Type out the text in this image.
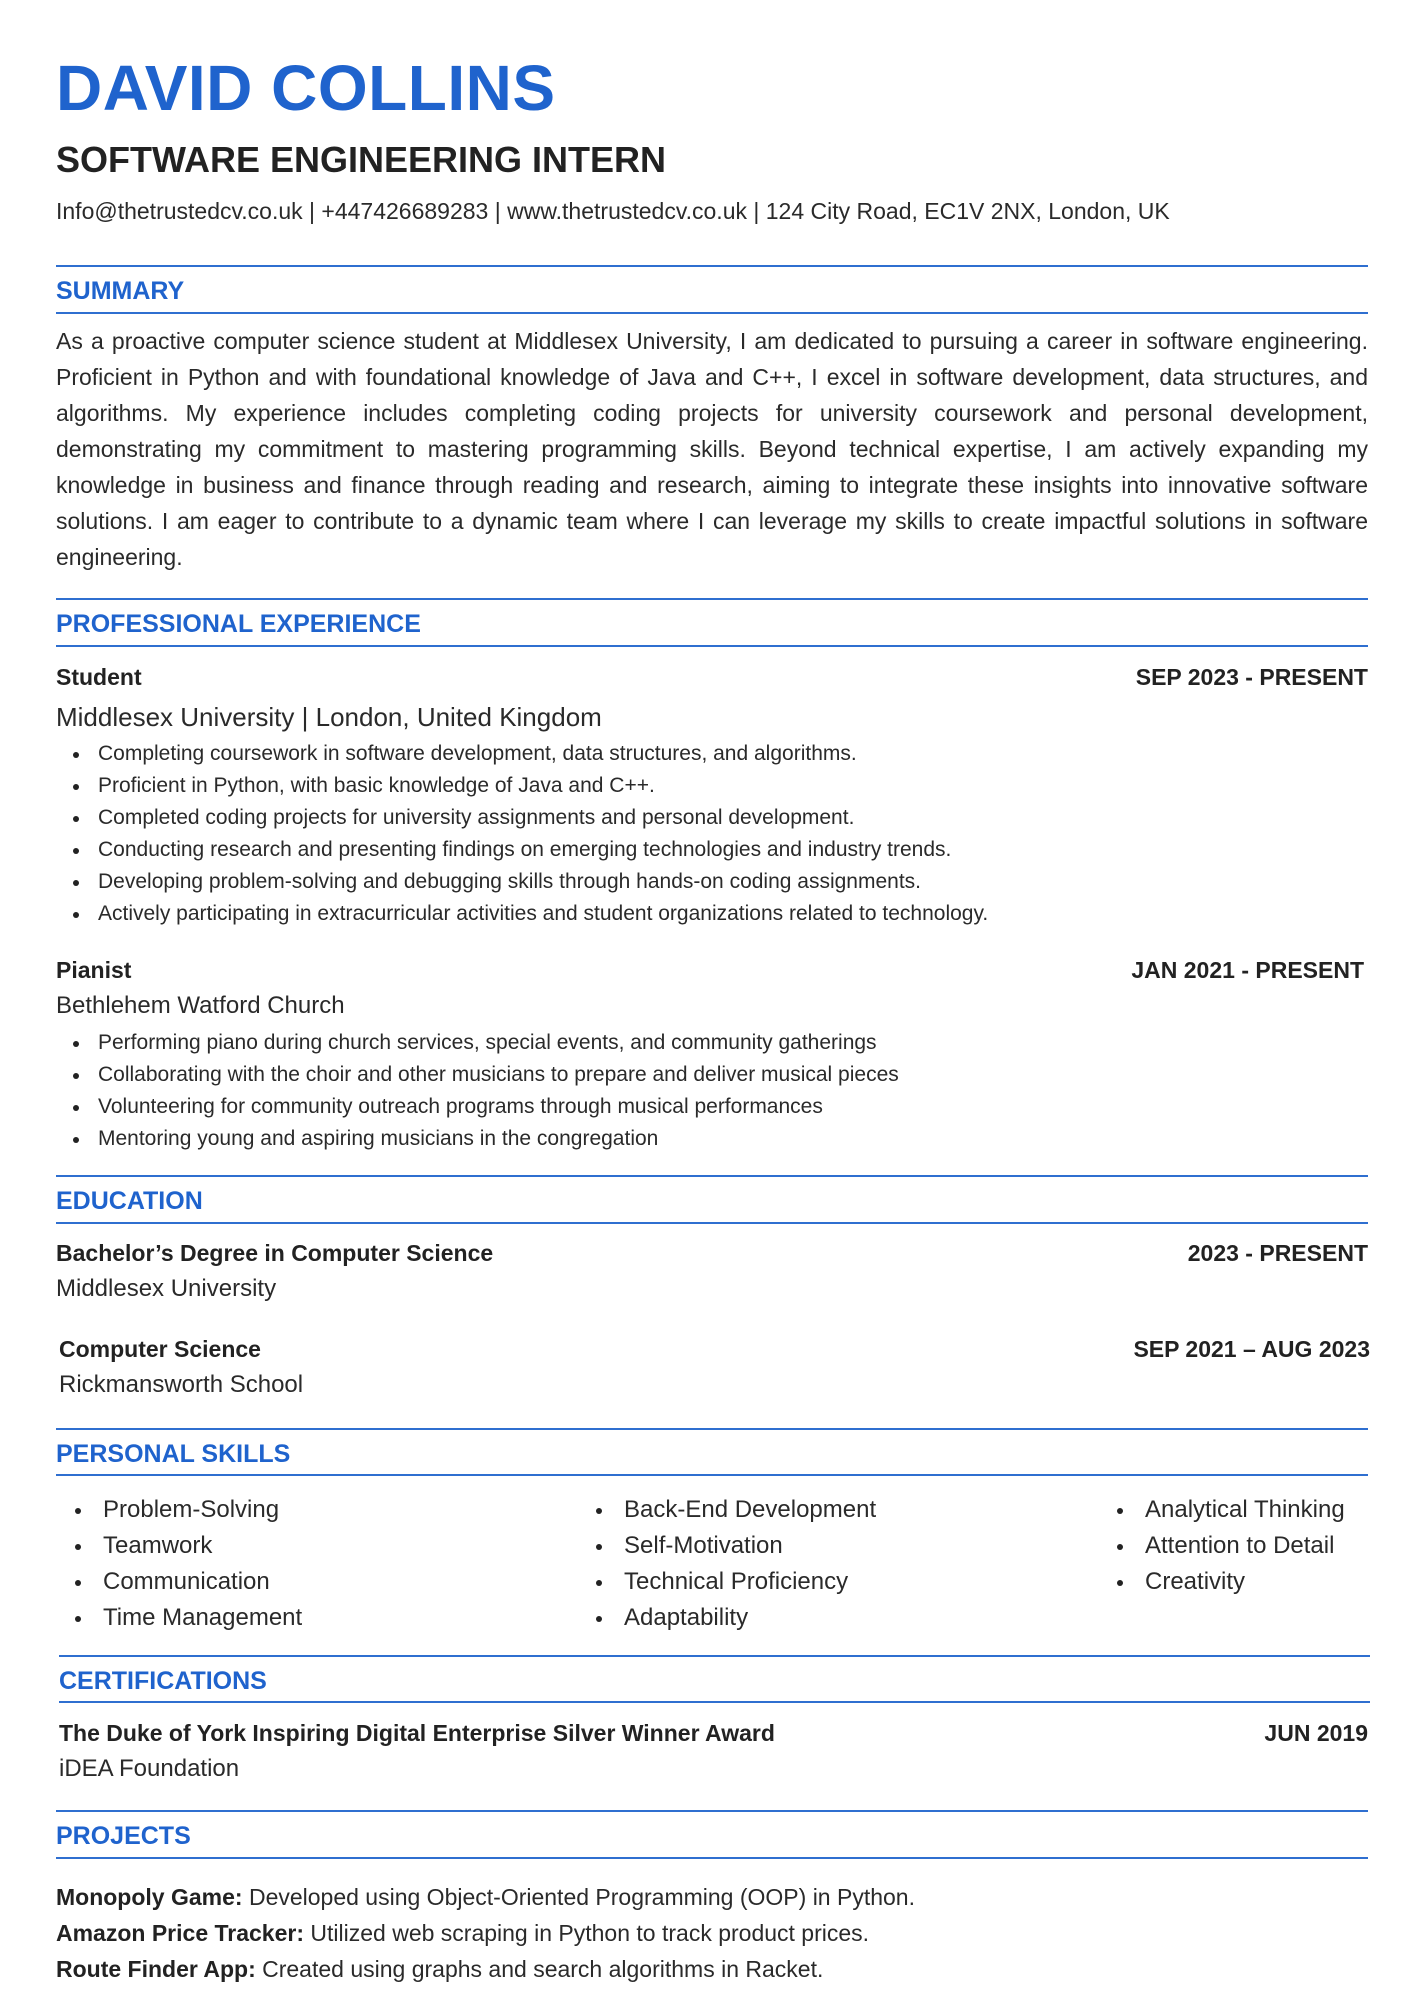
DAVID COLLINS
SOFTWARE ENGINEERING INTERN
Info@thetrustedcv.co.uk | +447426689283 | www.thetrustedcv.co.uk | 124 City Road, EC1V 2NX, London, UK
SUMMARY
As a proactive computer science student at Middlesex University, I am dedicated to pursuing a career in software engineering. Proficient in Python and with foundational knowledge of Java and C++, I excel in software development, data structures, and algorithms. My experience includes completing coding projects for university coursework and personal development, demonstrating my commitment to mastering programming skills. Beyond technical expertise, I am actively expanding my knowledge in business and finance through reading and research, aiming to integrate these insights into innovative software solutions. I am eager to contribute to a dynamic team where I can leverage my skills to create impactful solutions in software engineering.
PROFESSIONAL EXPERIENCE
Student	SEP 2023 - PRESENT
Middlesex University | London, United Kingdom
Completing coursework in software development, data structures, and algorithms.
Proficient in Python, with basic knowledge of Java and C++.
Completed coding projects for university assignments and personal development.
Conducting research and presenting findings on emerging technologies and industry trends.
Developing problem-solving and debugging skills through hands-on coding assignments.
Actively participating in extracurricular activities and student organizations related to technology.
Pianist	JAN 2021 - PRESENT
Bethlehem Watford Church
Performing piano during church services, special events, and community gatherings
Collaborating with the choir and other musicians to prepare and deliver musical pieces
Volunteering for community outreach programs through musical performances
Mentoring young and aspiring musicians in the congregation
EDUCATION
Bachelor’s Degree in Computer Science	2023 - PRESENT
Middlesex University
Computer Science	SEP 2021 – AUG 2023
Rickmansworth School
PERSONAL SKILLS
Problem-Solving
Teamwork
Communication
Time Management
Back-End Development
Self-Motivation
Technical Proficiency
Adaptability
Analytical Thinking
Attention to Detail
Creativity
CERTIFICATIONS
The Duke of York Inspiring Digital Enterprise Silver Winner Award	JUN 2019
iDEA Foundation
PROJECTS
Monopoly Game: Developed using Object-Oriented Programming (OOP) in Python.
Amazon Price Tracker: Utilized web scraping in Python to track product prices.
Route Finder App: Created using graphs and search algorithms in Racket.
